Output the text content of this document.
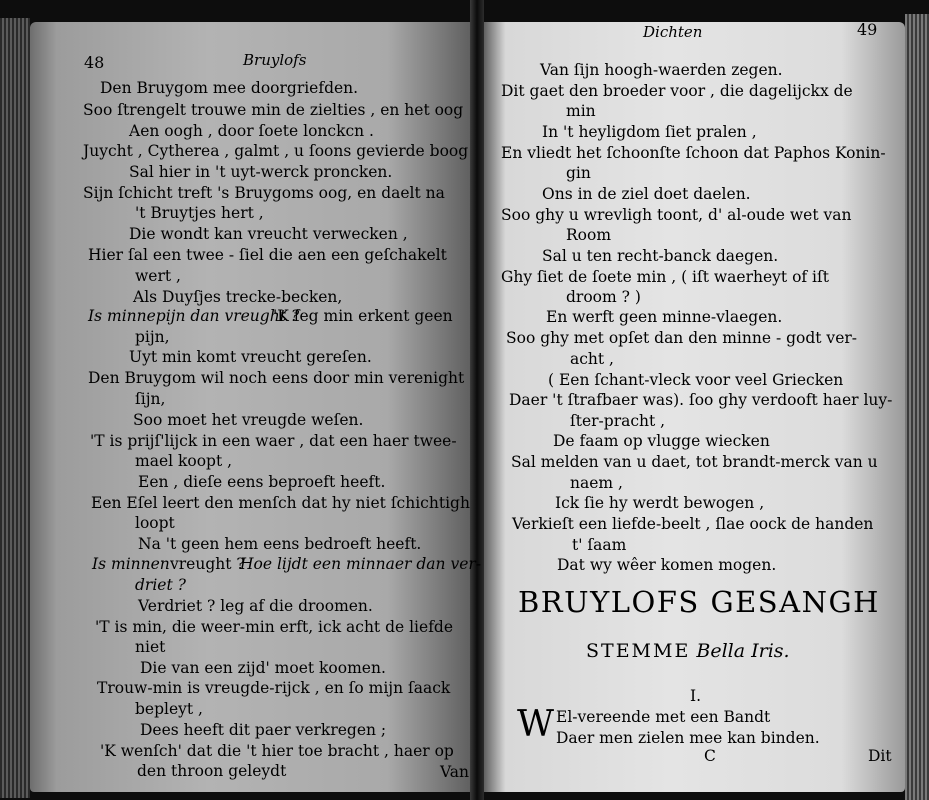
48	Bruylofs
Den Bruygom mee doorgriefden.
Soo ſtrengelt trouwe min de zielties , en het oog
Aen oogh , door ſoete lonckcn .
Juycht , Cytherea , galmt , u ſoons gevierde boog
Sal hier in 't uyt-werck proncken.
Sijn ſchicht treft 's Bruygoms oog, en daelt na
't Bruytjes hert ,
Die wondt kan vreucht verwecken ,
Hier ſal een twee - ſiel die aen een geſchakelt
wert ,
Als Duyſjes trecke-becken,
Is minnepijn dan vreught ?
'K ſeg min erkent geen
pijn,
Uyt min komt vreucht gereſen.
Den Bruygom wil noch eens door min verenight
ſijn,
Soo moet het vreugde weſen.
'T is prijſ'lijck in een waer , dat een haer twee-
mael koopt ,
Een , dieſe eens beproeft heeft.
Een Eſel leert den menſch dat hy niet ſchichtigh
loopt
Na 't geen hem eens bedroeft heeft.
Is minnen vreught ?
Hoe lijdt een minnaer dan ver-
driet ?
Verdriet ? leg af die droomen.
'T is min, die weer-min erft, ick acht de liefde
niet
Die van een zijd' moet koomen.
Trouw-min is vreugde-rijck , en ſo mijn ſaack
bepleyt ,
Dees heeft dit paer verkregen ;
'K wenſch' dat die 't hier toe bracht , haer op
den throon geleydt	Van
Dichten	49
Van ſijn hoogh-waerden zegen.
Dit gaet den broeder voor , die dagelijckx de
min
In 't heyligdom ſiet pralen ,
En vliedt het ſchoonſte ſchoon dat Paphos Konin-
gin
Ons in de ziel doet daelen.
Soo ghy u wrevligh toont, d' al-oude wet van
Room
Sal u ten recht-banck daegen.
Ghy ſiet de ſoete min , ( iſt waerheyt of iſt
droom ? )
En werft geen minne-vlaegen.
Soo ghy met opſet dan den minne - godt ver-
acht ,
( Een ſchant-vleck voor veel Griecken
Daer 't ſtrafbaer was). ſoo ghy verdooft haer luy-
ſter-pracht ,
De faam op vlugge wiecken
Sal melden van u daet, tot brandt-merck van u
naem ,
Ick ſie hy werdt bewogen ,
Verkieſt een liefde-beelt , ſlae oock de handen
t' ſaam
Dat wy wêer komen mogen.
BRUYLOFS GESANGH
STEMME Bella Iris.
I.
W El-vereende met een Bandt
Daer men zielen mee kan binden.
C	Dit
